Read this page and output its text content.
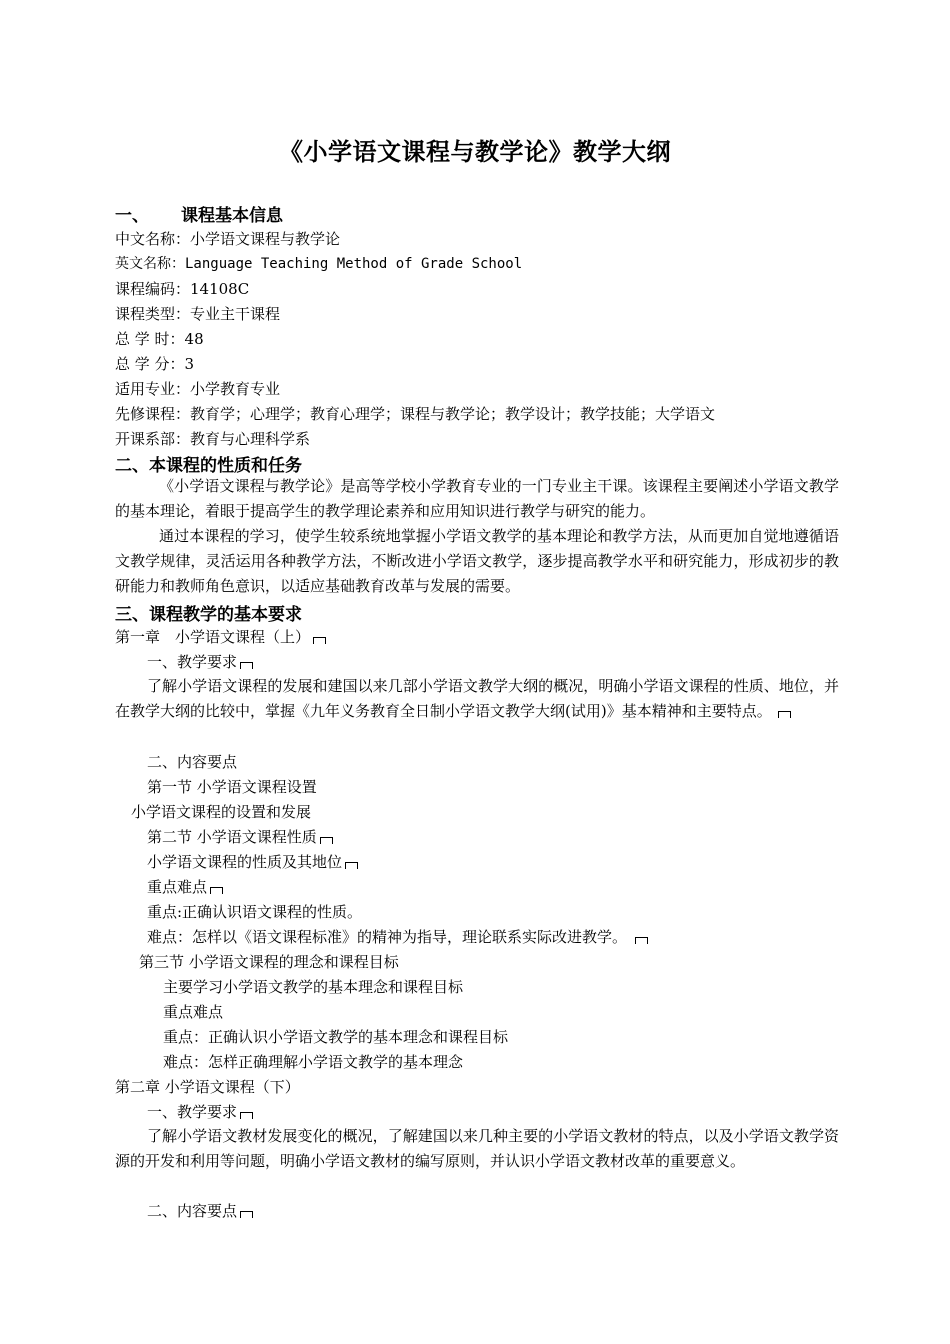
《小学语文课程与教学论》教学大纲
一、 课程基本信息
中文名称：小学语文课程与教学论
英文名称：Language Teaching Method of Grade School
课程编码：14108C
课程类型：专业主干课程
总 学 时：48
总 学 分：3
适用专业：小学教育专业
先修课程：教育学；心理学；教育心理学；课程与教学论；教学设计；教学技能；大学语文
开课系部：教育与心理科学系
二、本课程的性质和任务
《小学语文课程与教学论》是高等学校小学教育专业的一门专业主干课。该课程主要阐述小学语文教学的基本理论，着眼于提高学生的教学理论素养和应用知识进行教学与研究的能力。
通过本课程的学习，使学生较系统地掌握小学语文教学的基本理论和教学方法，从而更加自觉地遵循语文教学规律，灵活运用各种教学方法，不断改进小学语文教学，逐步提高教学水平和研究能力，形成初步的教研能力和教师角色意识，以适应基础教育改革与发展的需要。
三、课程教学的基本要求
第一章　小学语文课程（上）
一、教学要求
了解小学语文课程的发展和建国以来几部小学语文教学大纲的概况，明确小学语文课程的性质、地位，并在教学大纲的比较中，掌握《九年义务教育全日制小学语文教学大纲(试用)》基本精神和主要特点。
二、内容要点
第一节 小学语文课程设置
小学语文课程的设置和发展
第二节 小学语文课程性质
小学语文课程的性质及其地位
重点难点
重点:正确认识语文课程的性质。
难点：怎样以《语文课程标准》的精神为指导，理论联系实际改进教学。
第三节 小学语文课程的理念和课程目标
主要学习小学语文教学的基本理念和课程目标
重点难点
重点：正确认识小学语文教学的基本理念和课程目标
难点：怎样正确理解小学语文教学的基本理念
第二章 小学语文课程（下）
一、教学要求
了解小学语文教材发展变化的概况，了解建国以来几种主要的小学语文教材的特点，以及小学语文教学资源的开发和利用等问题，明确小学语文教材的编写原则，并认识小学语文教材改革的重要意义。
二、内容要点
